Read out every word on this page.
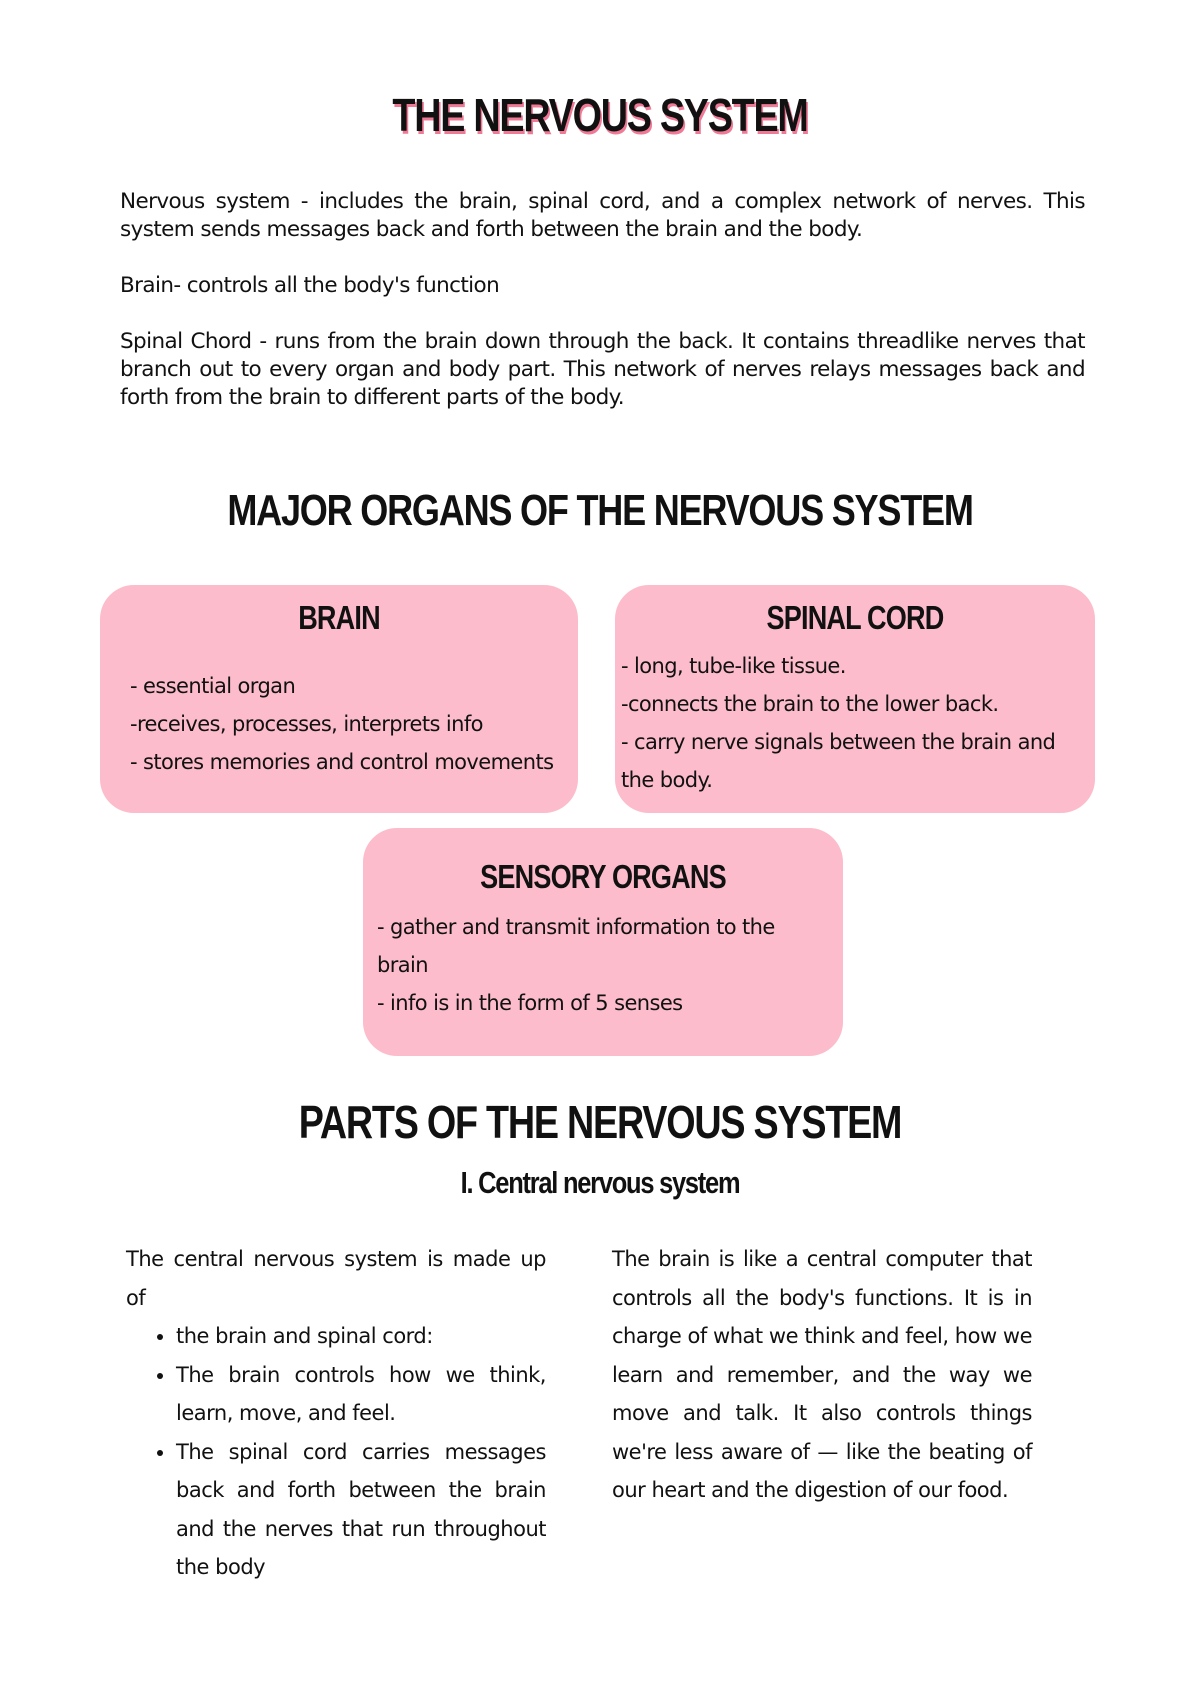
THE NERVOUS SYSTEM

Nervous system - includes the brain, spinal cord, and a complex network of nerves. This system sends messages back and forth between the brain and the body.

Brain- controls all the body's function

Spinal Chord - runs from the brain down through the back. It contains threadlike nerves that branch out to every organ and body part. This network of nerves relays messages back and forth from the brain to different parts of the body.

MAJOR ORGANS OF THE NERVOUS SYSTEM
BRAIN
- essential organ
-receives, processes, interprets info
- stores memories and control movements
SPINAL CORD
- long, tube-like tissue.
-connects the brain to the lower back.
- carry nerve signals between the brain and the body.
SENSORY ORGANS
- gather and transmit information to the brain
- info is in the form of 5 senses
PARTS OF THE NERVOUS SYSTEM
I. Central nervous system

The central nervous system is made up of

• the brain and spinal cord:
• The brain controls how we think, learn, move, and feel.
• The spinal cord carries messages back and forth between the brain and the nerves that run throughout the body

The brain is like a central computer that controls all the body's functions. It is in charge of what we think and feel, how we learn and remember, and the way we move and talk. It also controls things we're less aware of — like the beating of our heart and the digestion of our food.
